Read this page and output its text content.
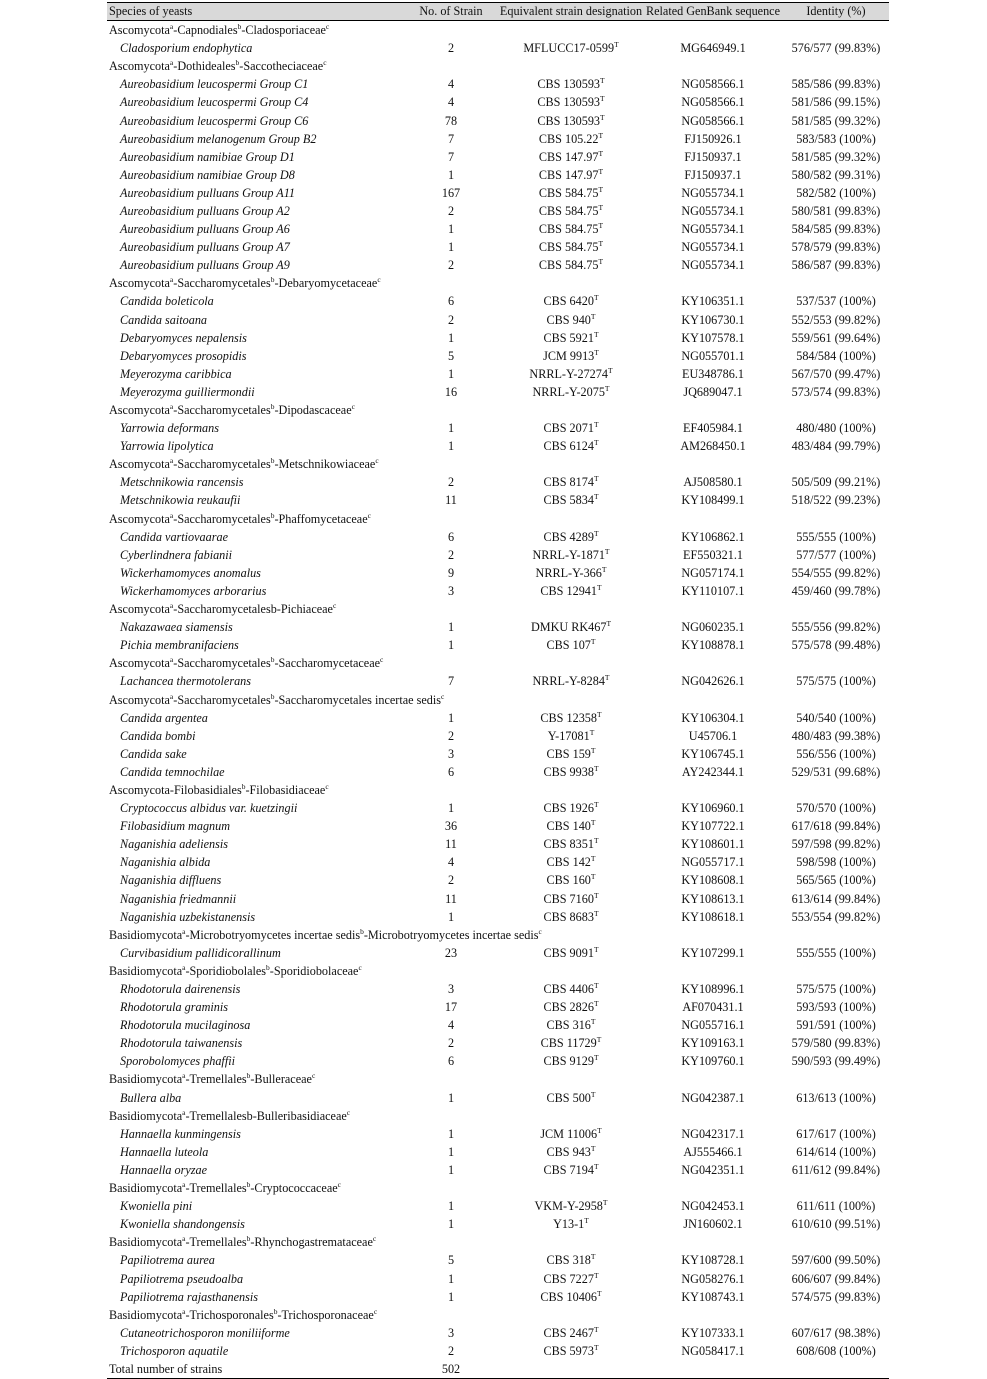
Species of yeasts	No. of Strain	Equivalent strain designation	Related GenBank sequence	Identity (%)
Ascomycota$^a$-Capnodiales$^b$-Cladosporiaceae$^c$
Cladosporium endophytica	2	$MFLUCC17-0599^T$	MG646949.1	576/577 (99.83%)
Ascomycota$^a$-Dothideales$^b$-Saccotheciaceae$^c$
Aureobasidium leucospermi Group C1	4	CBS $130593^T$	NG058566.1	585/586 (99.83%)
Aureobasidium leucospermi Group C4	4	CBS $130593^T$	NG058566.1	581/586 (99.15%)
Aureobasidium leucospermi Group C6	78	CBS $130593^T$	NG058566.1	581/585 (99.32%)
Aureobasidium melanogenum Group B2	7	CBS $105.22^T$	FJ150926.1	583/583 (100%)
Aureobasidium namibiae Group D1	7	CBS $147.97^T$	FJ150937.1	581/585 (99.32%)
Aureobasidium namibiae Group D8	1	CBS $147.97^T$	FJ150937.1	580/582 (99.31%)
Aureobasidium pulluans Group A11	167	CBS $584.75^T$	NG055734.1	582/582 (100%)
Aureobasidium pulluans Group A2	2	CBS $584.75^T$	NG055734.1	580/581 (99.83%)
Aureobasidium pulluans Group A6	1	CBS $584.75^T$	NG055734.1	584/585 (99.83%)
Aureobasidium pulluans Group A7	1	CBS $584.75^T$	NG055734.1	578/579 (99.83%)
Aureobasidium pulluans Group A9	2	CBS $584.75^T$	NG055734.1	586/587 (99.83%)
Ascomycota$^a$-Saccharomycetales$^b$-Debaryomycetaceae$^c$
Candida boleticola	6	CBS $6420^T$	KY106351.1	537/537 (100%)
Candida saitoana	2	CBS $940^T$	KY106730.1	552/553 (99.82%)
Debaryomyces nepalensis	1	CBS $5921^T$	KY107578.1	559/561 (99.64%)
Debaryomyces prosopidis	5	JCM $9913^T$	NG055701.1	584/584 (100%)
Meyerozyma caribbica	1	NRRL-$Y-27274^T$	EU348786.1	567/570 (99.47%)
Meyerozyma guilliermondii	16	NRRL-$Y-2075^T$	JQ689047.1	573/574 (99.83%)
Ascomycota$^a$-Saccharomycetales$^b$-Dipodascaceae$^c$
Yarrowia deformans	1	CBS $2071^T$	EF405984.1	480/480 (100%)
Yarrowia lipolytica	1	CBS $6124^T$	AM268450.1	483/484 (99.79%)
Ascomycota$^a$-Saccharomycetales$^b$-Metschnikowiaceae$^c$
Metschnikowia rancensis	2	CBS $8174^T$	AJ508580.1	505/509 (99.21%)
Metschnikowia reukaufii	11	CBS $5834^T$	KY108499.1	518/522 (99.23%)
Ascomycota$^a$-Saccharomycetales$^b$-Phaffomycetaceae$^c$
Candida vartiovaarae	6	CBS $4289^T$	KY106862.1	555/555 (100%)
Cyberlindnera fabianii	2	NRRL-$Y-1871^T$	EF550321.1	577/577 (100%)
Wickerhamomyces anomalus	9	NRRL-$Y-366^T$	NG057174.1	554/555 (99.82%)
Wickerhamomyces arborarius	3	CBS $12941^T$	KY110107.1	459/460 (99.78%)
Ascomycota$^a$-Saccharomycetalesb-Pichiaceae$^c$
Nakazawaea siamensis	1	DMKU $RK467^T$	NG060235.1	555/556 (99.82%)
Pichia membranifaciens	1	CBS $107^T$	KY108878.1	575/578 (99.48%)
Ascomycota$^a$-Saccharomycetales$^b$-Saccharomycetaceae$^c$
Lachancea thermotolerans	7	NRRL-$Y-8284^T$	NG042626.1	575/575 (100%)
Ascomycota$^a$-Saccharomycetales$^b$-Saccharomycetales incertae sedis$^c$
Candida argentea	1	CBS $12358^T$	KY106304.1	540/540 (100%)
Candida bombi	2	$Y-17081^T$	U45706.1	480/483 (99.38%)
Candida sake	3	CBS $159^T$	KY106745.1	556/556 (100%)
Candida temnochilae	6	CBS $9938^T$	AY242344.1	529/531 (99.68%)
Ascomycota-Filobasidiales$^b$-Filobasidiaceae$^c$
Cryptococcus albidus var. kuetzingii	1	CBS $1926^T$	KY106960.1	570/570 (100%)
Filobasidium magnum	36	CBS $140^T$	KY107722.1	617/618 (99.84%)
Naganishia adeliensis	11	CBS $8351^T$	KY108601.1	597/598 (99.82%)
Naganishia albida	4	CBS $142^T$	NG055717.1	598/598 (100%)
Naganishia diffluens	2	CBS $160^T$	KY108608.1	565/565 (100%)
Naganishia friedmannii	11	CBS $7160^T$	KY108613.1	613/614 (99.84%)
Naganishia uzbekistanensis	1	CBS $8683^T$	KY108618.1	553/554 (99.82%)
Basidiomycota$^a$-Microbotryomycetes incertae sedis$^b$-Microbotryomycetes incertae sedis$^c$
Curvibasidium pallidicorallinum	23	CBS $9091^T$	KY107299.1	555/555 (100%)
Basidiomycota$^a$-Sporidiobolales$^b$-Sporidiobolaceae$^c$
Rhodotorula dairenensis	3	CBS $4406^T$	KY108996.1	575/575 (100%)
Rhodotorula graminis	17	CBS $2826^T$	AF070431.1	593/593 (100%)
Rhodotorula mucilaginosa	4	CBS $316^T$	NG055716.1	591/591 (100%)
Rhodotorula taiwanensis	2	CBS $11729^T$	KY109163.1	579/580 (99.83%)
Sporobolomyces phaffii	6	CBS $9129^T$	KY109760.1	590/593 (99.49%)
Basidiomycota$^a$-Tremellales$^b$-Bulleraceae$^c$
Bullera alba	1	CBS $500^T$	NG042387.1	613/613 (100%)
Basidiomycota$^a$-Tremellalesb-Bulleribasidiaceae$^c$
Hannaella kunmingensis	1	JCM $11006^T$	NG042317.1	617/617 (100%)
Hannaella luteola	1	CBS $943^T$	AJ555466.1	614/614 (100%)
Hannaella oryzae	1	CBS $7194^T$	NG042351.1	611/612 (99.84%)
Basidiomycota$^a$-Tremellales$^b$-Cryptococcaceae$^c$
Kwoniella pini	1	VKM-$Y-2958^T$	NG042453.1	611/611 (100%)
Kwoniella shandongensis	1	$Y13-1^T$	JN160602.1	610/610 (99.51%)
Basidiomycota$^a$-Tremellales$^b$-Rhynchogastremataceae$^c$
Papiliotrema aurea	5	CBS $318^T$	KY108728.1	597/600 (99.50%)
Papiliotrema pseudoalba	1	CBS $7227^T$	NG058276.1	606/607 (99.84%)
Papiliotrema rajasthanensis	1	CBS $10406^T$	KY108743.1	574/575 (99.83%)
Basidiomycota$^a$-Trichosporonales$^b$-Trichosporonaceae$^c$
Cutaneotrichosporon moniliiforme	3	CBS $2467^T$	KY107333.1	607/617 (98.38%)
Trichosporon aquatile	2	CBS $5973^T$	NG058417.1	608/608 (100%)
Total number of strains	502			
